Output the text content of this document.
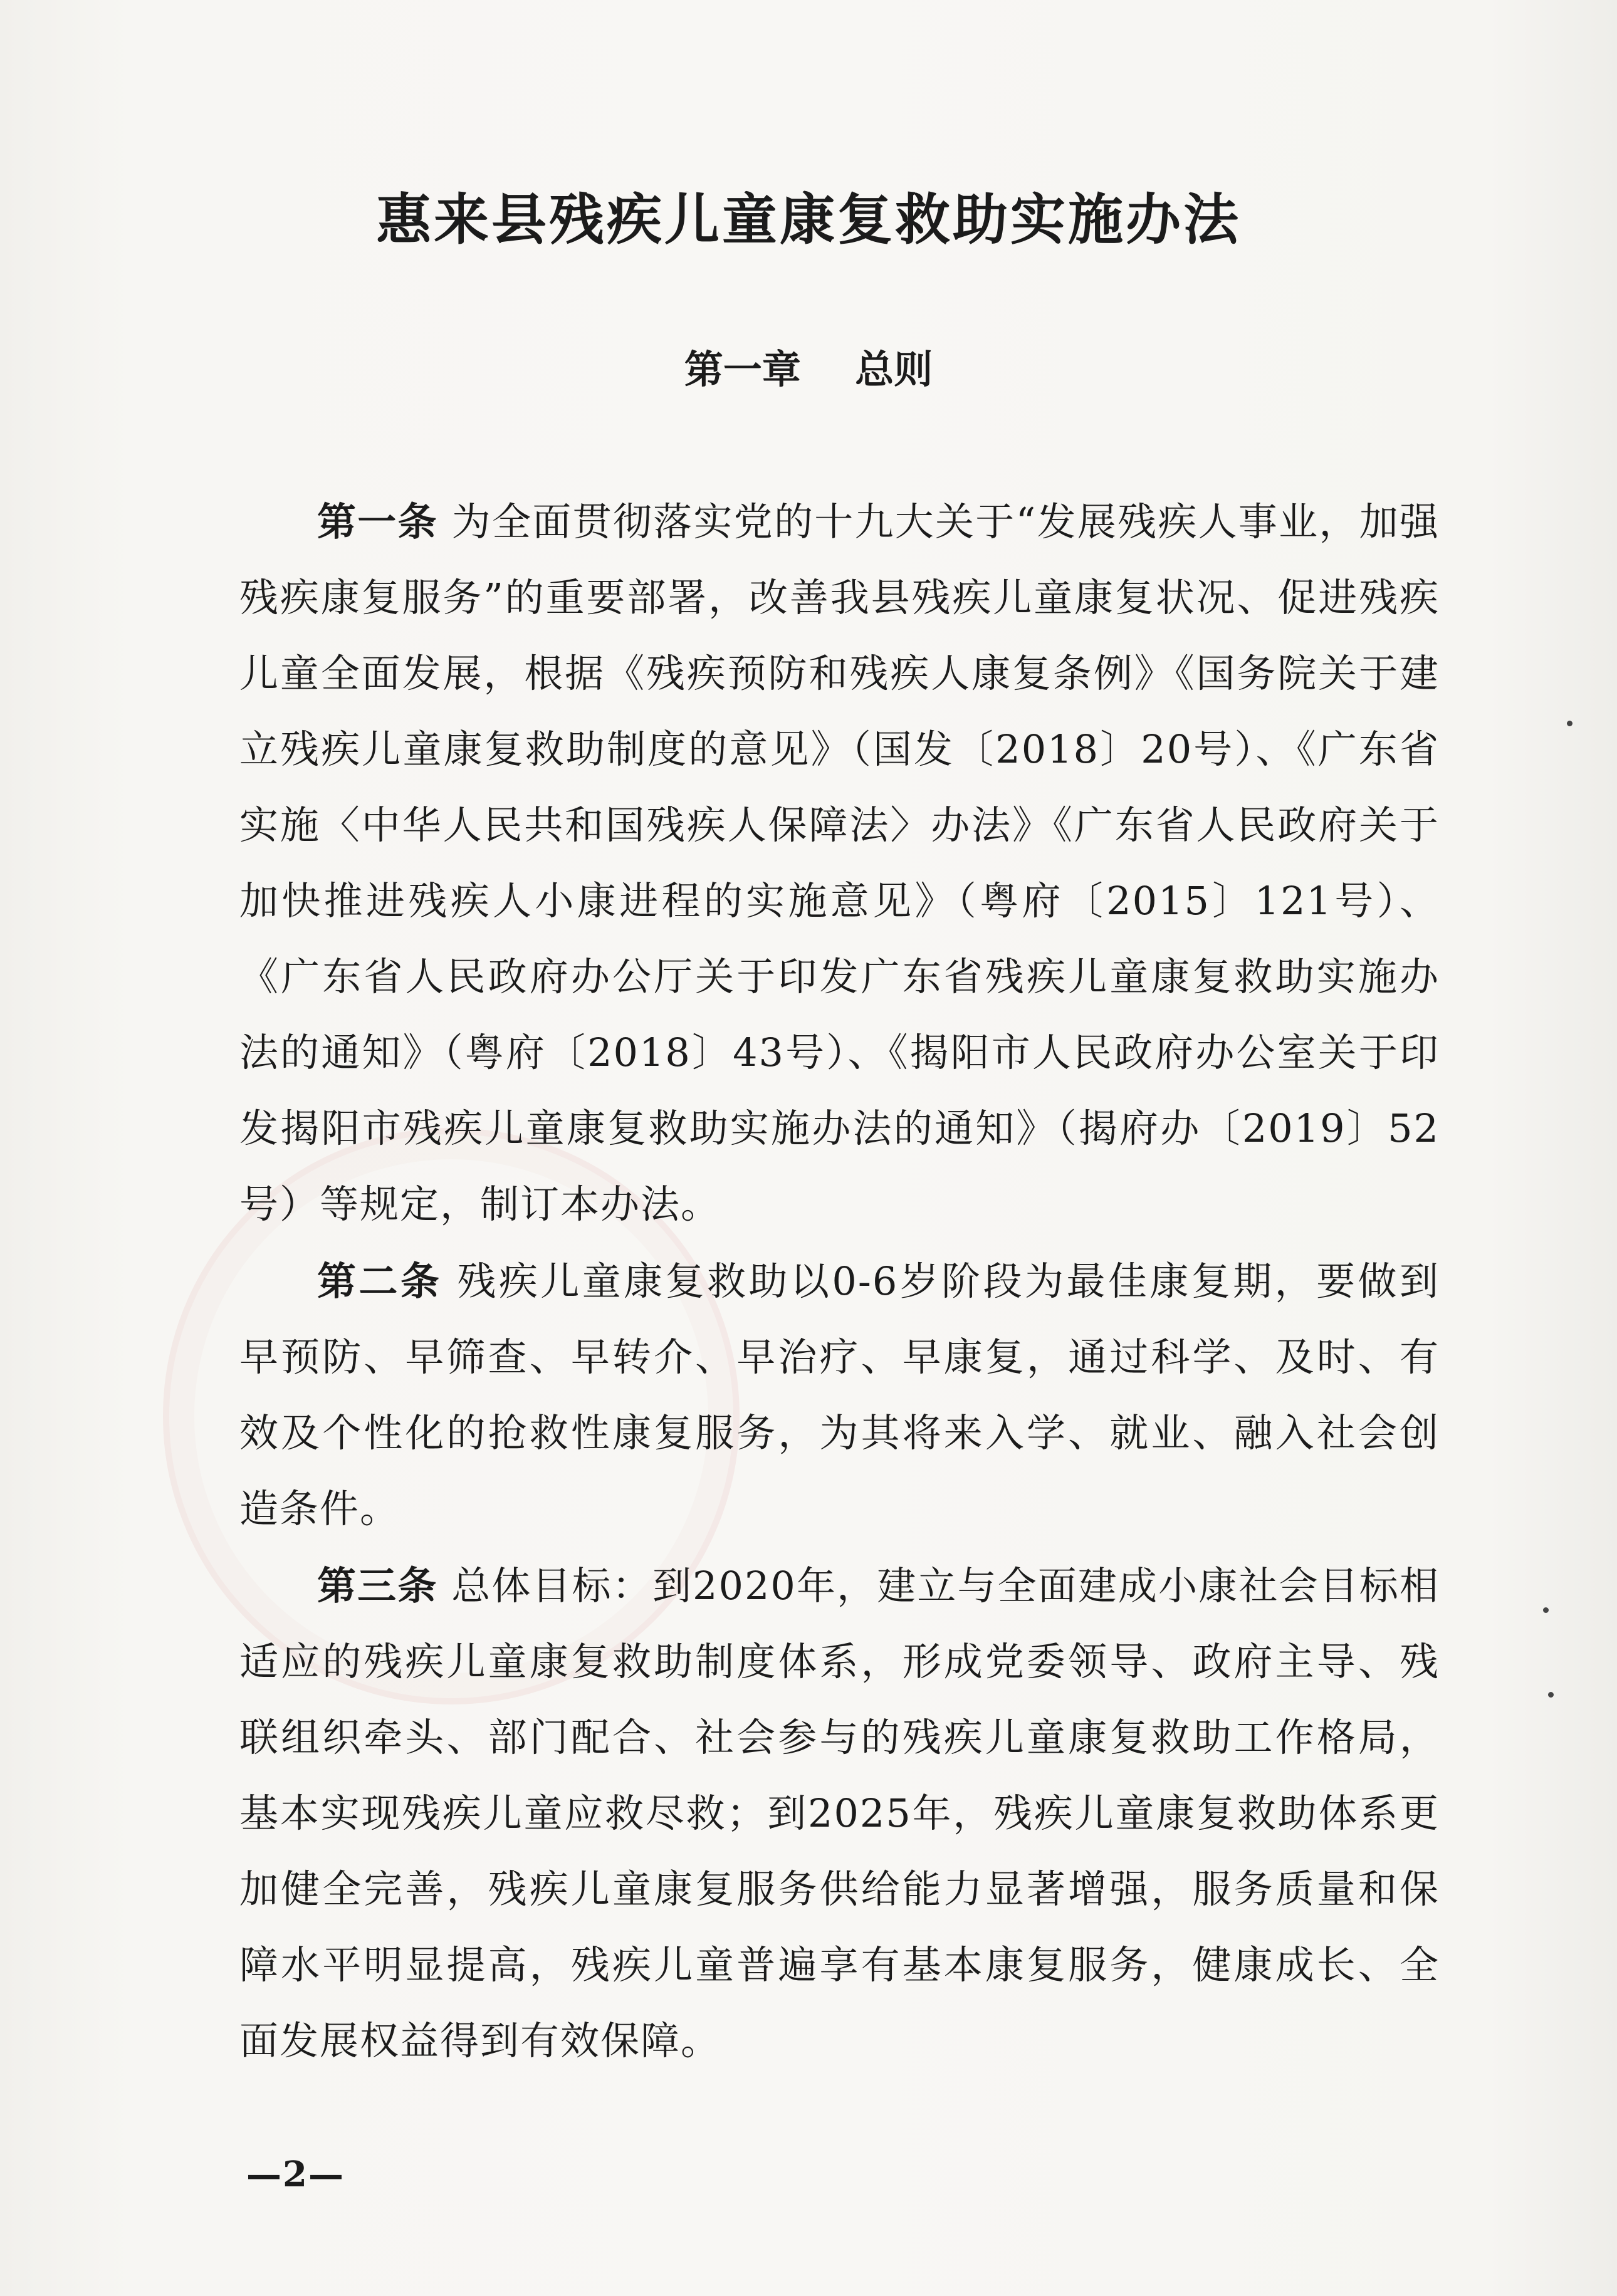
惠来县残疾儿童康复救助实施办法
第一章    总则

第一条 为全面贯彻落实党的十九大关于“发展残疾人事业，加强残疾康复服务”的重要部署，改善我县残疾儿童康复状况、促进残疾儿童全面发展，根据《残疾预防和残疾人康复条例》《国务院关于建立残疾儿童康复救助制度的意见》（国发〔2018〕20号）、《广东省实施〈中华人民共和国残疾人保障法〉办法》《广东省人民政府关于加快推进残疾人小康进程的实施意见》（粤府〔2015〕121号）、《广东省人民政府办公厅关于印发广东省残疾儿童康复救助实施办法的通知》（粤府〔2018〕43号）、《揭阳市人民政府办公室关于印发揭阳市残疾儿童康复救助实施办法的通知》（揭府办〔2019〕52号）等规定，制订本办法。

第二条 残疾儿童康复救助以0-6岁阶段为最佳康复期，要做到早预防、早筛查、早转介、早治疗、早康复，通过科学、及时、有效及个性化的抢救性康复服务，为其将来入学、就业、融入社会创造条件。

第三条 总体目标：到2020年，建立与全面建成小康社会目标相适应的残疾儿童康复救助制度体系，形成党委领导、政府主导、残联组织牵头、部门配合、社会参与的残疾儿童康复救助工作格局，基本实现残疾儿童应救尽救；到2025年，残疾儿童康复救助体系更加健全完善，残疾儿童康复服务供给能力显著增强，服务质量和保障水平明显提高，残疾儿童普遍享有基本康复服务，健康成长、全面发展权益得到有效保障。

—2—
